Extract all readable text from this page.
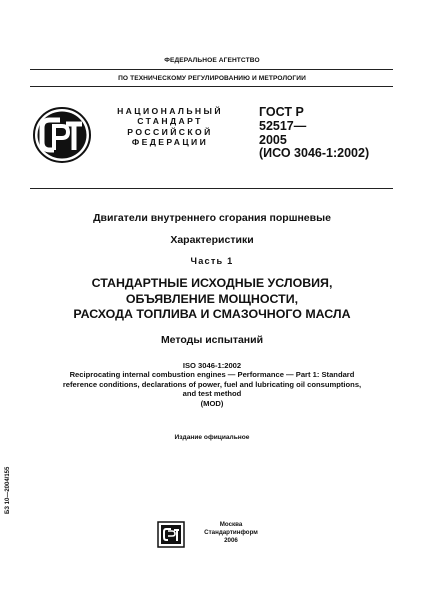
ФЕДЕРАЛЬНОЕ АГЕНТСТВО
ПО ТЕХНИЧЕСКОМУ РЕГУЛИРОВАНИЮ И МЕТРОЛОГИИ
НАЦИОНАЛЬНЫЙ
СТАНДАРТ
РОССИЙСКОЙ
ФЕДЕРАЦИИ
ГОСТ Р
52517—
2005
(ИСО 3046-1:2002)
Двигатели внутреннего сгорания поршневые
Характеристики
Часть 1
СТАНДАРТНЫЕ ИСХОДНЫЕ УСЛОВИЯ,
ОБЪЯВЛЕНИЕ МОЩНОСТИ,
РАСХОДА ТОПЛИВА И СМАЗОЧНОГО МАСЛА
Методы испытаний
ISO 3046-1:2002
Reciprocating internal combustion engines — Performance — Part 1: Standard
reference conditions, declarations of power, fuel and lubricating oil consumptions,
and test method
(MOD)
Издание официальное
БЗ 10—2004/155
Москва
Стандартинформ
2006
